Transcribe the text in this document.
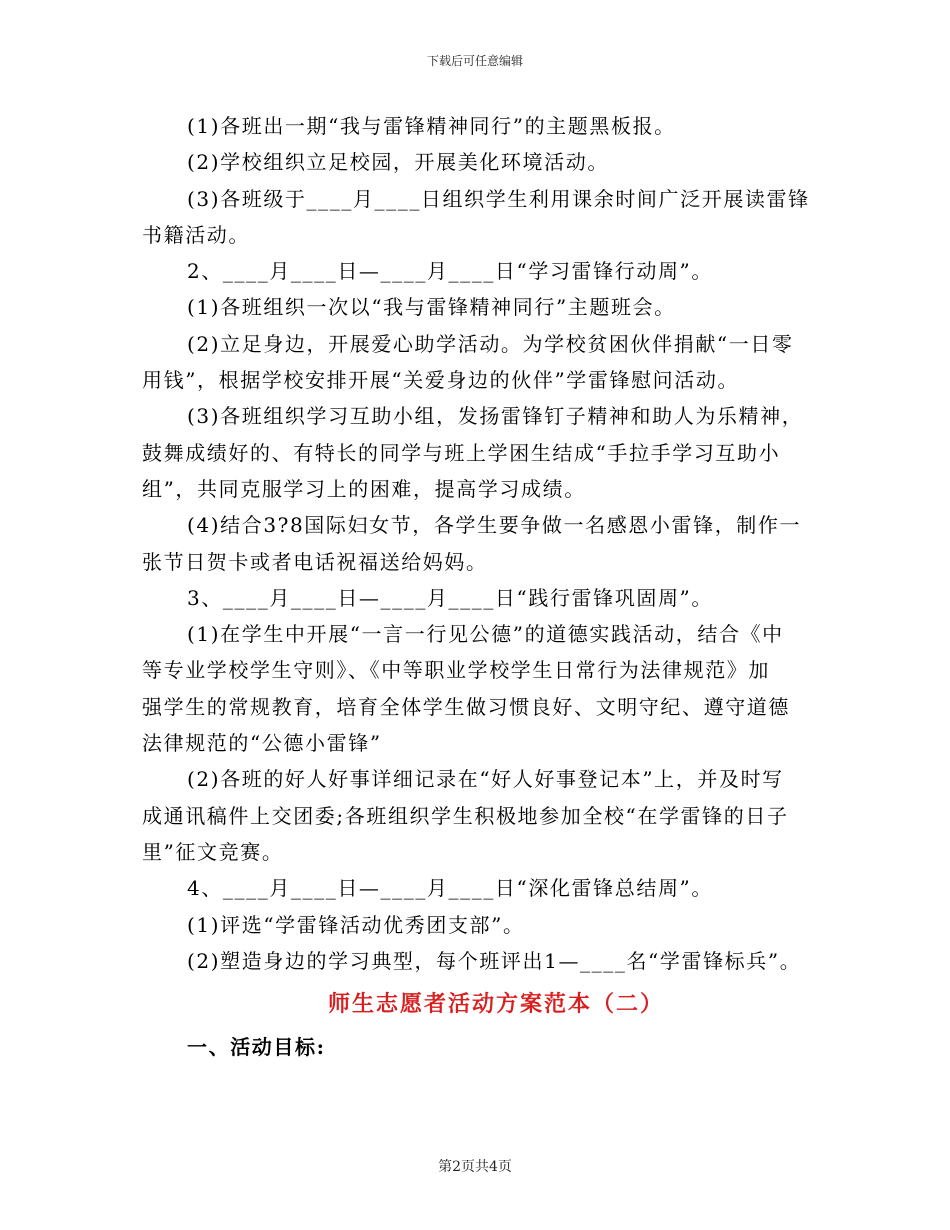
下载后可任意编辑

(1)各班出一期“我与雷锋精神同行”的主题黑板报。

(2)学校组织立足校园，开展美化环境活动。

(3)各班级于____月____日组织学生利用课余时间广泛开展读雷锋

书籍活动。

2、____月____日—____月____日“学习雷锋行动周”。

(1)各班组织一次以“我与雷锋精神同行”主题班会。

(2)立足身边，开展爱心助学活动。为学校贫困伙伴捐献“一日零

用钱”，根据学校安排开展“关爱身边的伙伴”学雷锋慰问活动。

(3)各班组织学习互助小组，发扬雷锋钉子精神和助人为乐精神，

鼓舞成绩好的、有特长的同学与班上学困生结成“手拉手学习互助小

组”，共同克服学习上的困难，提高学习成绩。

(4)结合3?8国际妇女节，各学生要争做一名感恩小雷锋，制作一

张节日贺卡或者电话祝福送给妈妈。

3、____月____日—____月____日“践行雷锋巩固周”。

(1)在学生中开展“一言一行见公德”的道德实践活动，结合《中

等专业学校学生守则》、《中等职业学校学生日常行为法律规范》加

强学生的常规教育，培育全体学生做习惯良好、文明守纪、遵守道德

法律规范的“公德小雷锋”

(2)各班的好人好事详细记录在“好人好事登记本”上，并及时写

成通讯稿件上交团委;各班组织学生积极地参加全校“在学雷锋的日子

里”征文竞赛。

4、____月____日—____月____日“深化雷锋总结周”。

(1)评选“学雷锋活动优秀团支部”。

(2)塑造身边的学习典型，每个班评出1—____名“学雷锋标兵”。

师生志愿者活动方案范本（二）
一、活动目标:
第2页共4页
